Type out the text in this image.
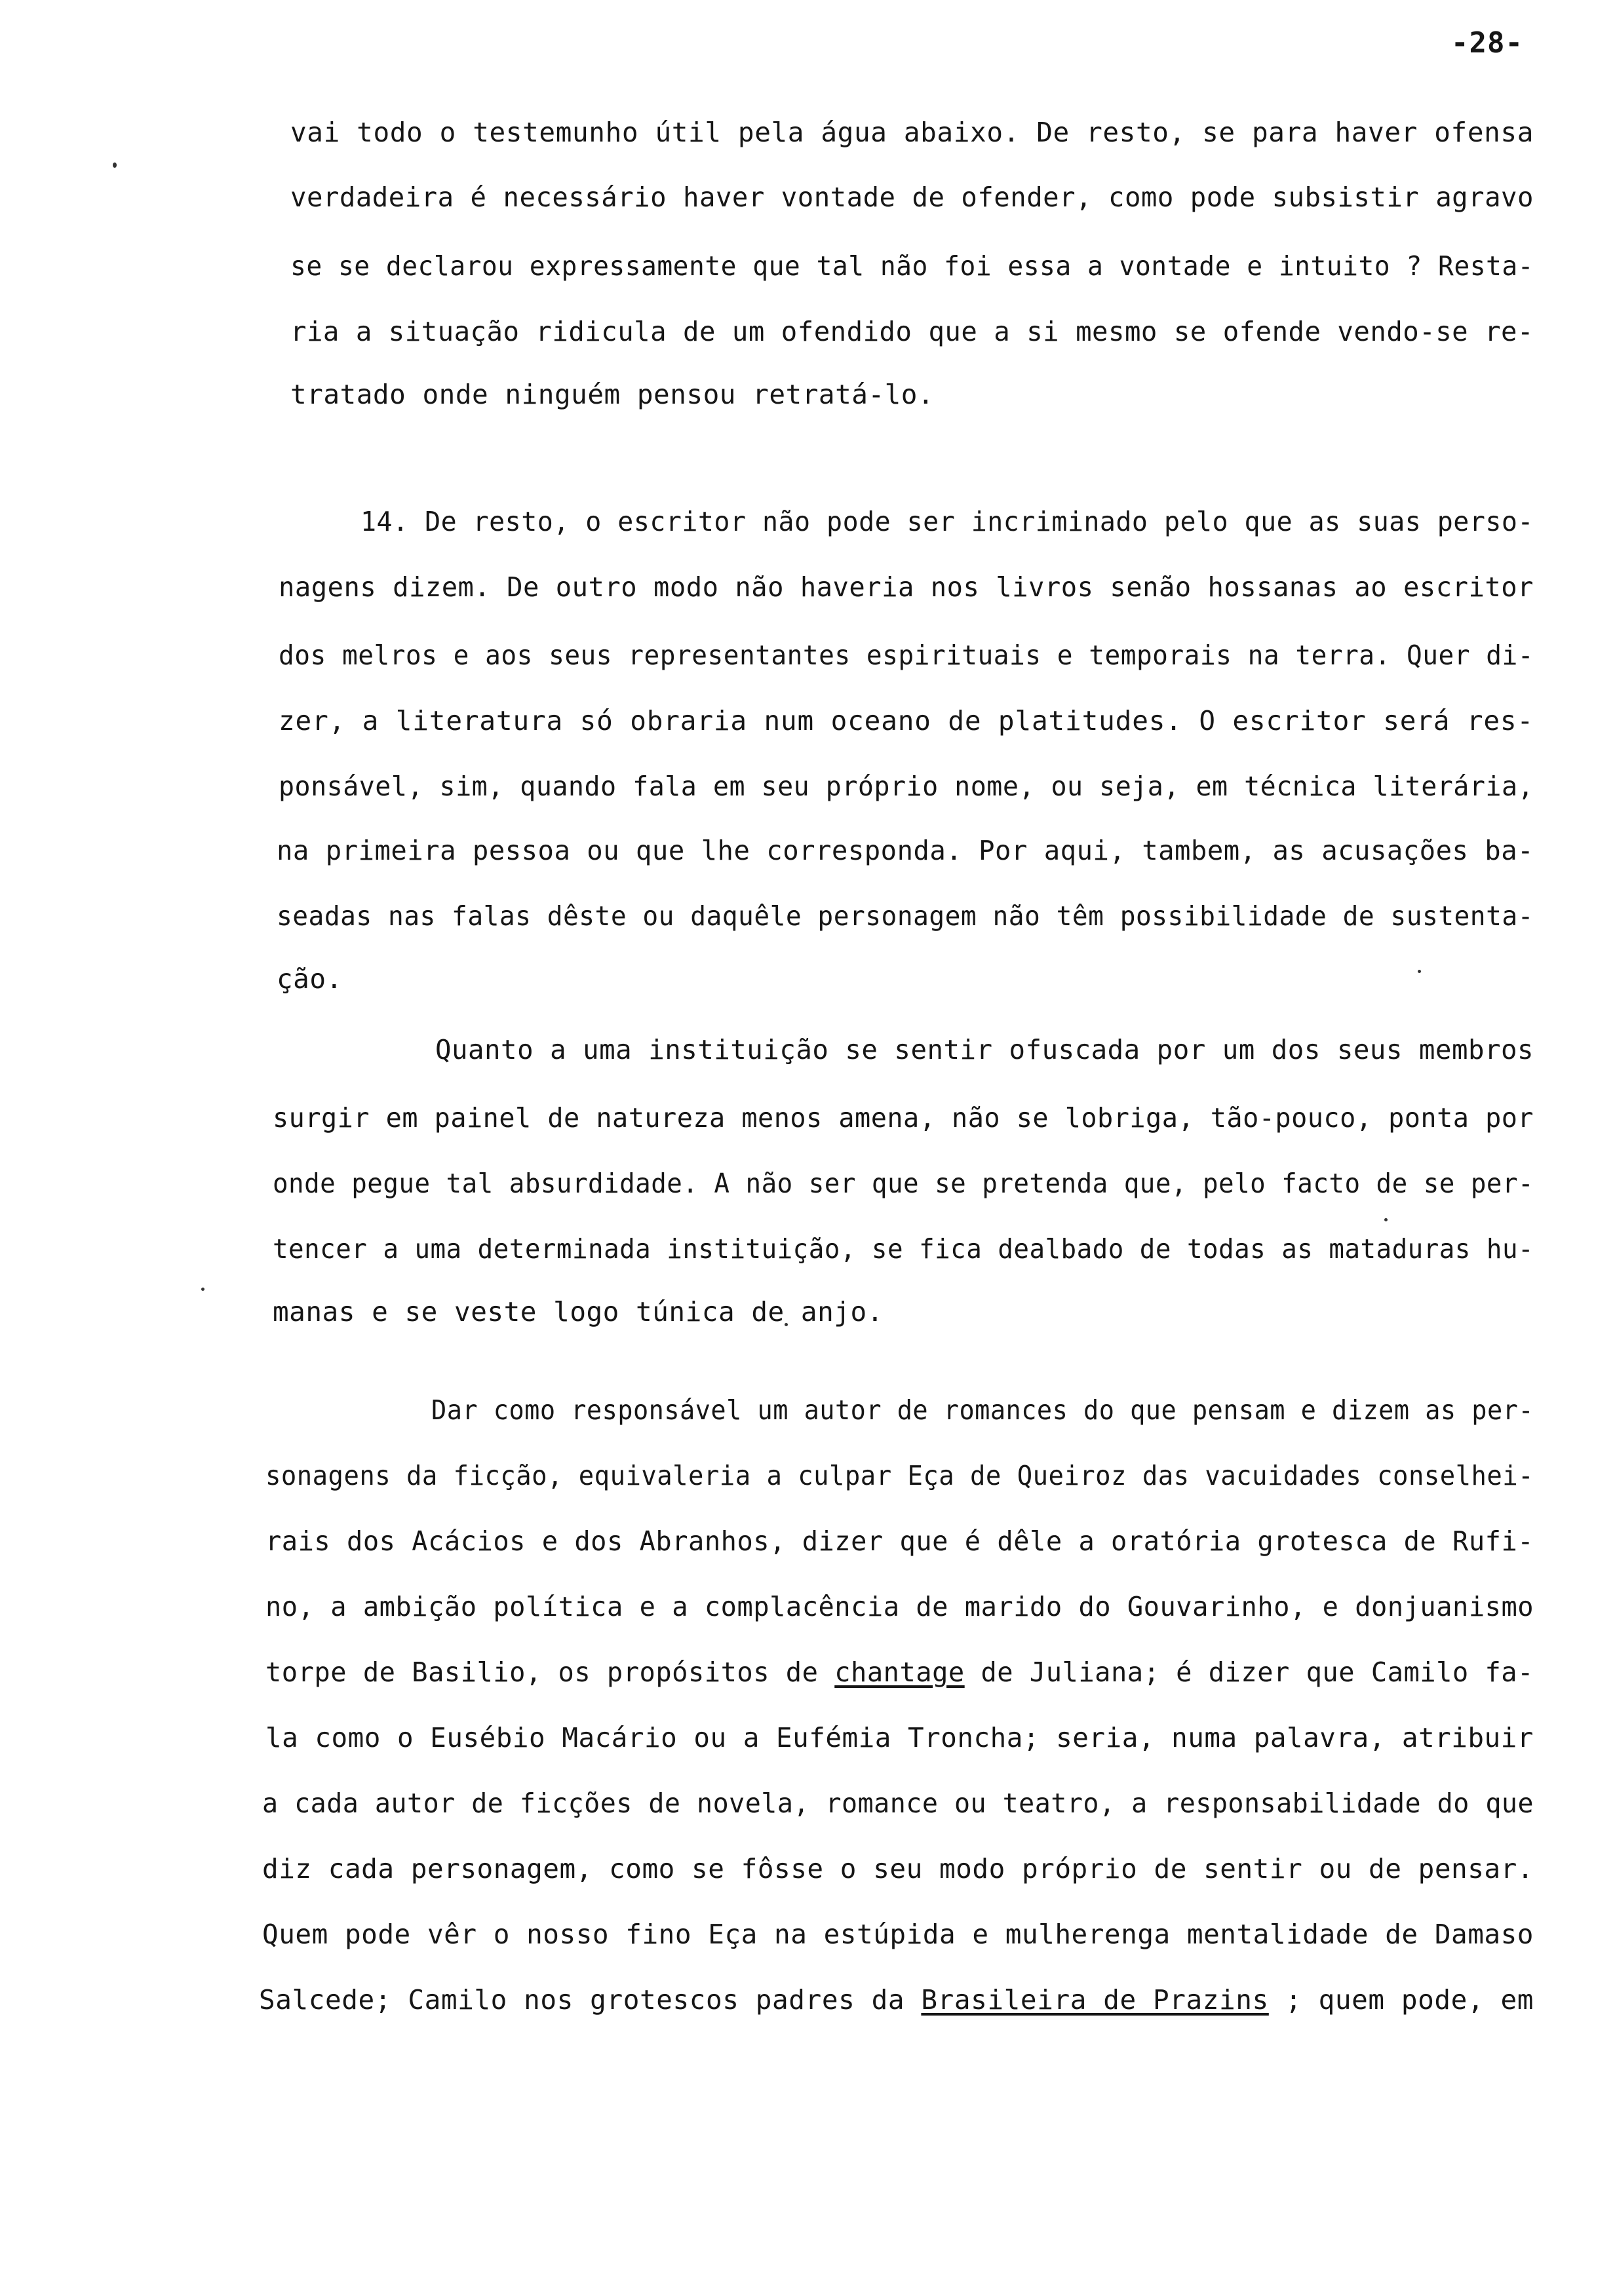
-28-
vai todo o testemunho útil pela água abaixo. De resto, se para haver ofensa
verdadeira é necessário haver vontade de ofender, como pode subsistir agravo
se se declarou expressamente que tal não foi essa a vontade e intuito ? Resta-
ria a situação ridicula de um ofendido que a si mesmo se ofende vendo-se re-
tratado onde ninguém pensou retratá-lo.
14. De resto, o escritor não pode ser incriminado pelo que as suas perso-
nagens dizem. De outro modo não haveria nos livros senão hossanas ao escritor
dos melros e aos seus representantes espirituais e temporais na terra. Quer di-
zer, a literatura só obraria num oceano de platitudes. O escritor será res-
ponsável, sim, quando fala em seu próprio nome, ou seja, em técnica literária,
na primeira pessoa ou que lhe corresponda. Por aqui, tambem, as acusações ba-
seadas nas falas dêste ou daquêle personagem não têm possibilidade de sustenta-
ção.
Quanto a uma instituição se sentir ofuscada por um dos seus membros
surgir em painel de natureza menos amena, não se lobriga, tão-pouco, ponta por
onde pegue tal absurdidade. A não ser que se pretenda que, pelo facto de se per-
tencer a uma determinada instituição, se fica dealbado de todas as mataduras hu-
manas e se veste logo túnica de anjo.
Dar como responsável um autor de romances do que pensam e dizem as per-
sonagens da ficção, equivaleria a culpar Eça de Queiroz das vacuidades conselhei-
rais dos Acácios e dos Abranhos, dizer que é dêle a oratória grotesca de Rufi-
no, a ambição política e a complacência de marido do Gouvarinho, e donjuanismo
torpe de Basilio, os propósitos de chantage de Juliana; é dizer que Camilo fa-
la como o Eusébio Macário ou a Eufémia Troncha; seria, numa palavra, atribuir
a cada autor de ficções de novela, romance ou teatro, a responsabilidade do que
diz cada personagem, como se fôsse o seu modo próprio de sentir ou de pensar.
Quem pode vêr o nosso fino Eça na estúpida e mulherenga mentalidade de Damaso
Salcede; Camilo nos grotescos padres da Brasileira de Prazins ; quem pode, em
